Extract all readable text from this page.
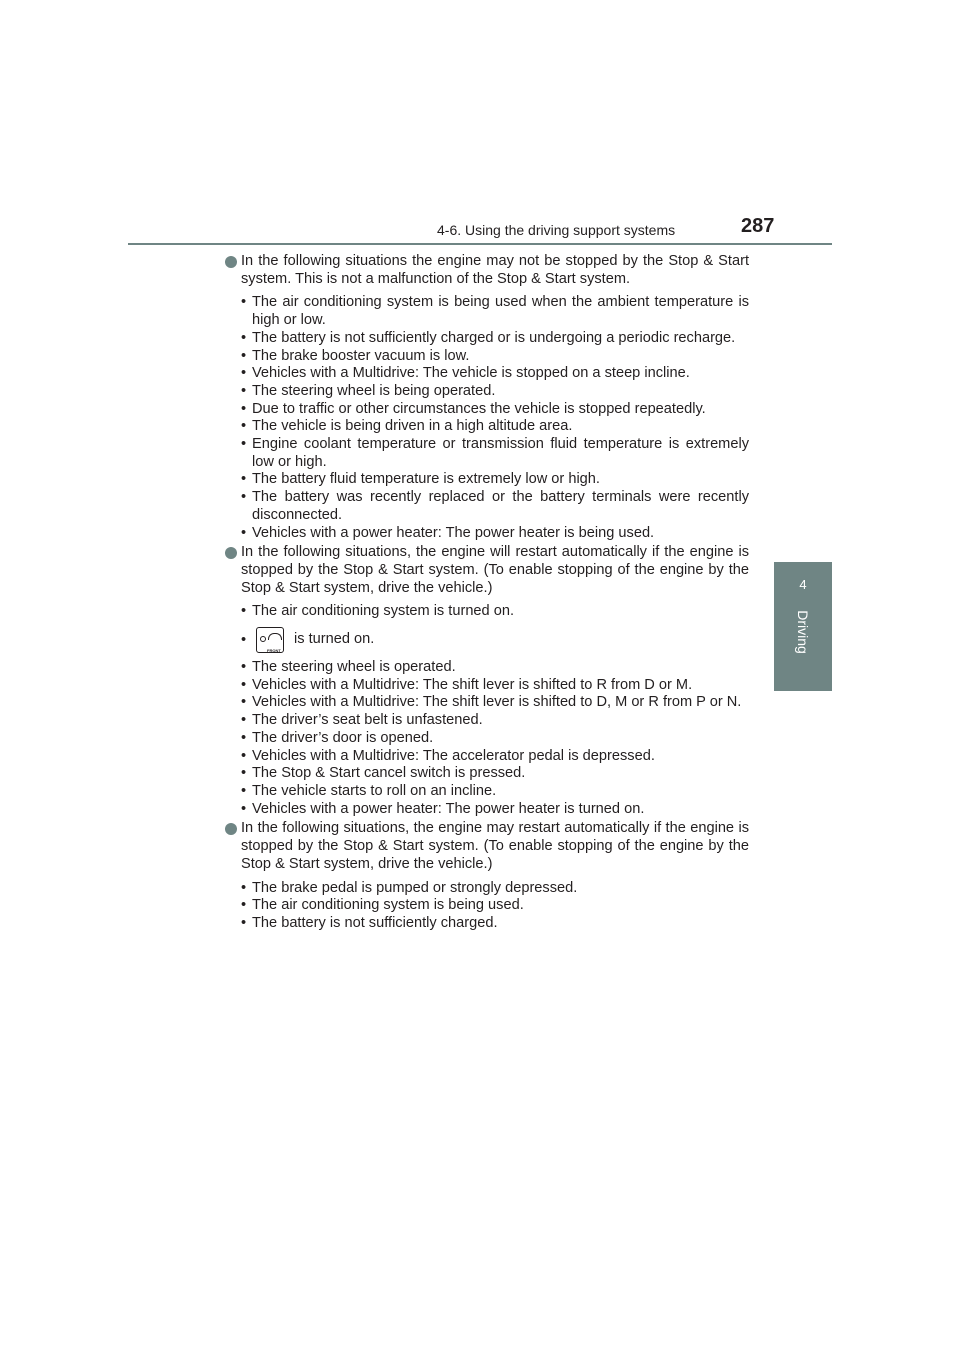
4-6. Using the driving support systems	287
4
Driving
In the following situations the engine may not be stopped by the Stop & Start system. This is not a malfunction of the Stop & Start system.
• The air conditioning system is being used when the ambient temperature is high or low.
• The battery is not sufficiently charged or is undergoing a periodic recharge.
• The brake booster vacuum is low.
• Vehicles with a Multidrive: The vehicle is stopped on a steep incline.
• The steering wheel is being operated.
• Due to traffic or other circumstances the vehicle is stopped repeatedly.
• The vehicle is being driven in a high altitude area.
• Engine coolant temperature or transmission fluid temperature is extremely low or high.
• The battery fluid temperature is extremely low or high.
• The battery was recently replaced or the battery terminals were recently disconnected.
• Vehicles with a power heater: The power heater is being used.
In the following situations, the engine will restart automatically if the engine is stopped by the Stop & Start system. (To enable stopping of the engine by the Stop & Start system, drive the vehicle.)
• The air conditioning system is turned on.
•
FRONT
is turned on.
• The steering wheel is operated.
• Vehicles with a Multidrive: The shift lever is shifted to R from D or M.
• Vehicles with a Multidrive: The shift lever is shifted to D, M or R from P or N.
• The driver’s seat belt is unfastened.
• The driver’s door is opened.
• Vehicles with a Multidrive: The accelerator pedal is depressed.
• The Stop & Start cancel switch is pressed.
• The vehicle starts to roll on an incline.
• Vehicles with a power heater: The power heater is turned on.
In the following situations, the engine may restart automatically if the engine is stopped by the Stop & Start system. (To enable stopping of the engine by the Stop & Start system, drive the vehicle.)
• The brake pedal is pumped or strongly depressed.
• The air conditioning system is being used.
• The battery is not sufficiently charged.
